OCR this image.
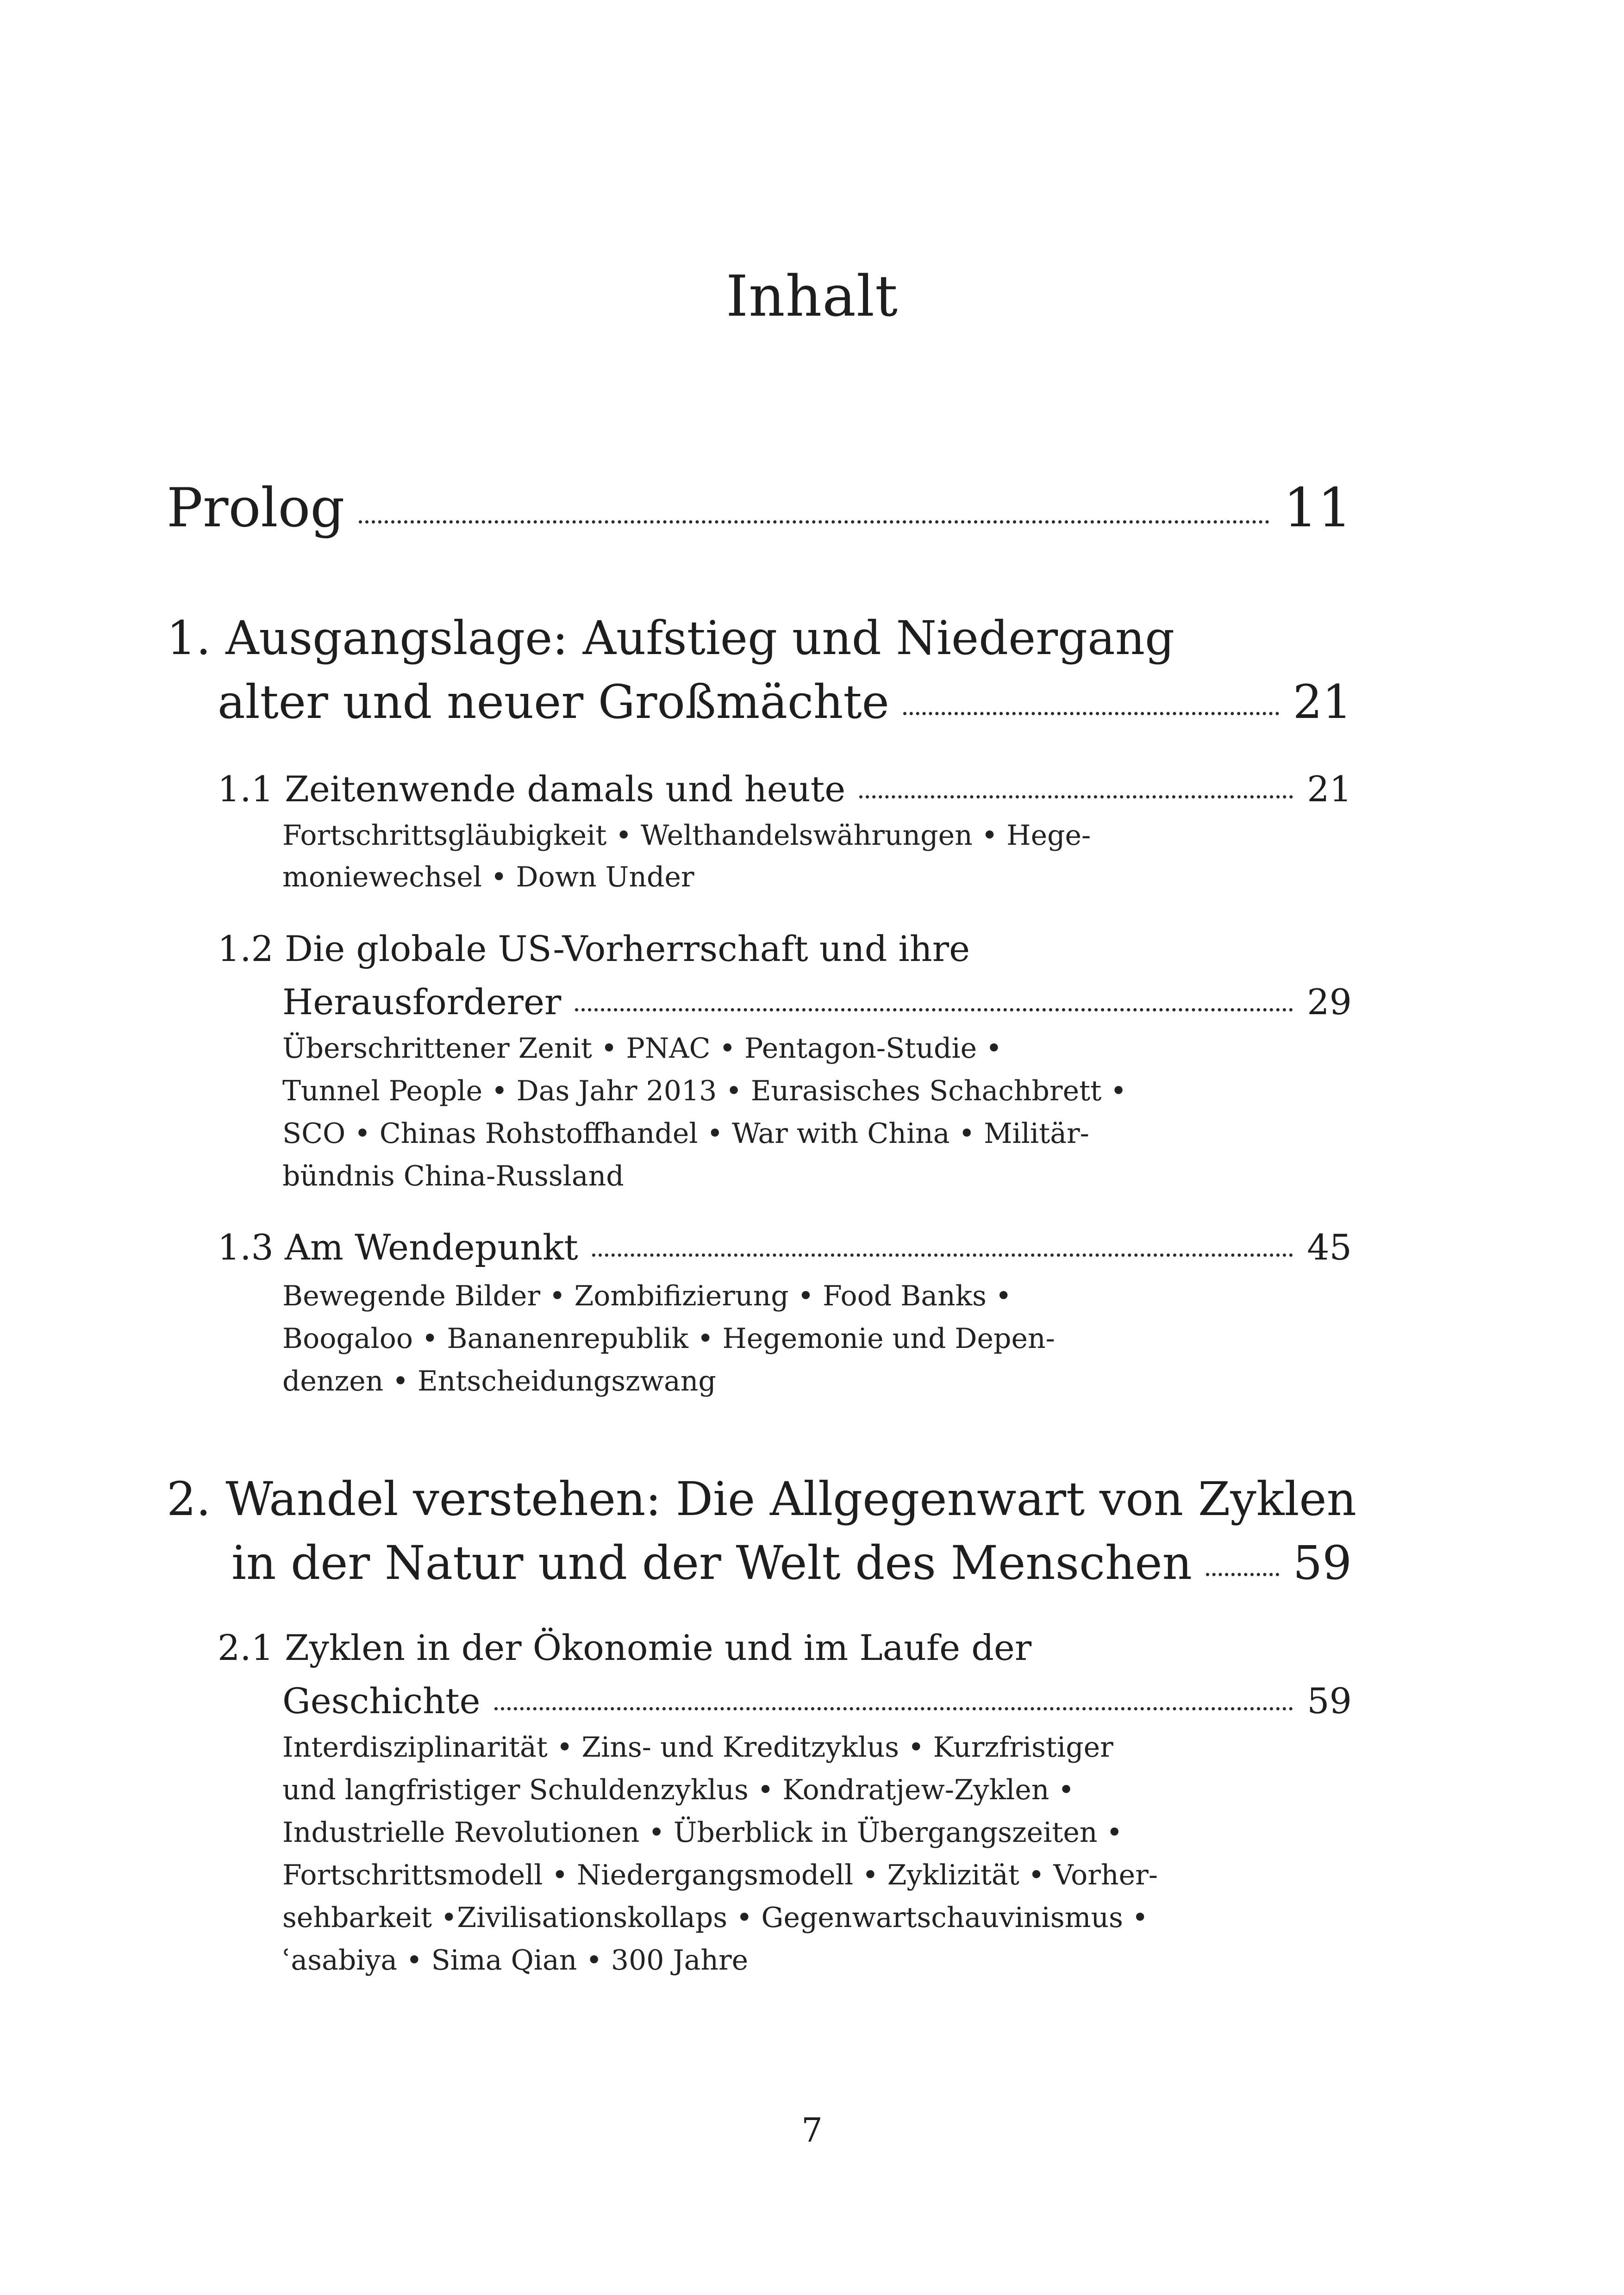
Inhalt
Prolog	11
1. Ausgangslage: Aufstieg und Niedergang
alter und neuer Großmächte	21
1.1 Zeitenwende damals und heute	21
Fortschrittsgläubigkeit • Welthandelswährungen • Hege-
moniewechsel • Down Under
1.2 Die globale US-Vorherrschaft und ihre
Herausforderer	29
Überschrittener Zenit • PNAC • Pentagon-Studie •
Tunnel People • Das Jahr 2013 • Eurasisches Schachbrett •
SCO • Chinas Rohstoffhandel • War with China • Militär-
bündnis China-Russland
1.3 Am Wendepunkt	45
Bewegende Bilder • Zombifizierung • Food Banks •
Boogaloo • Bananenrepublik • Hegemonie und Depen-
denzen • Entscheidungszwang
2. Wandel verstehen: Die Allgegenwart von Zyklen
in der Natur und der Welt des Menschen 59
2.1 Zyklen in der Ökonomie und im Laufe der
Geschichte	59
Interdisziplinarität • Zins- und Kreditzyklus • Kurzfristiger
und langfristiger Schuldenzyklus • Kondratjew-Zyklen •
Industrielle Revolutionen • Überblick in Übergangszeiten •
Fortschrittsmodell • Niedergangsmodell • Zyklizität • Vorher-
sehbarkeit •Zivilisationskollaps • Gegenwartschauvinismus •
ʿasabiya • Sima Qian • 300 Jahre
7
